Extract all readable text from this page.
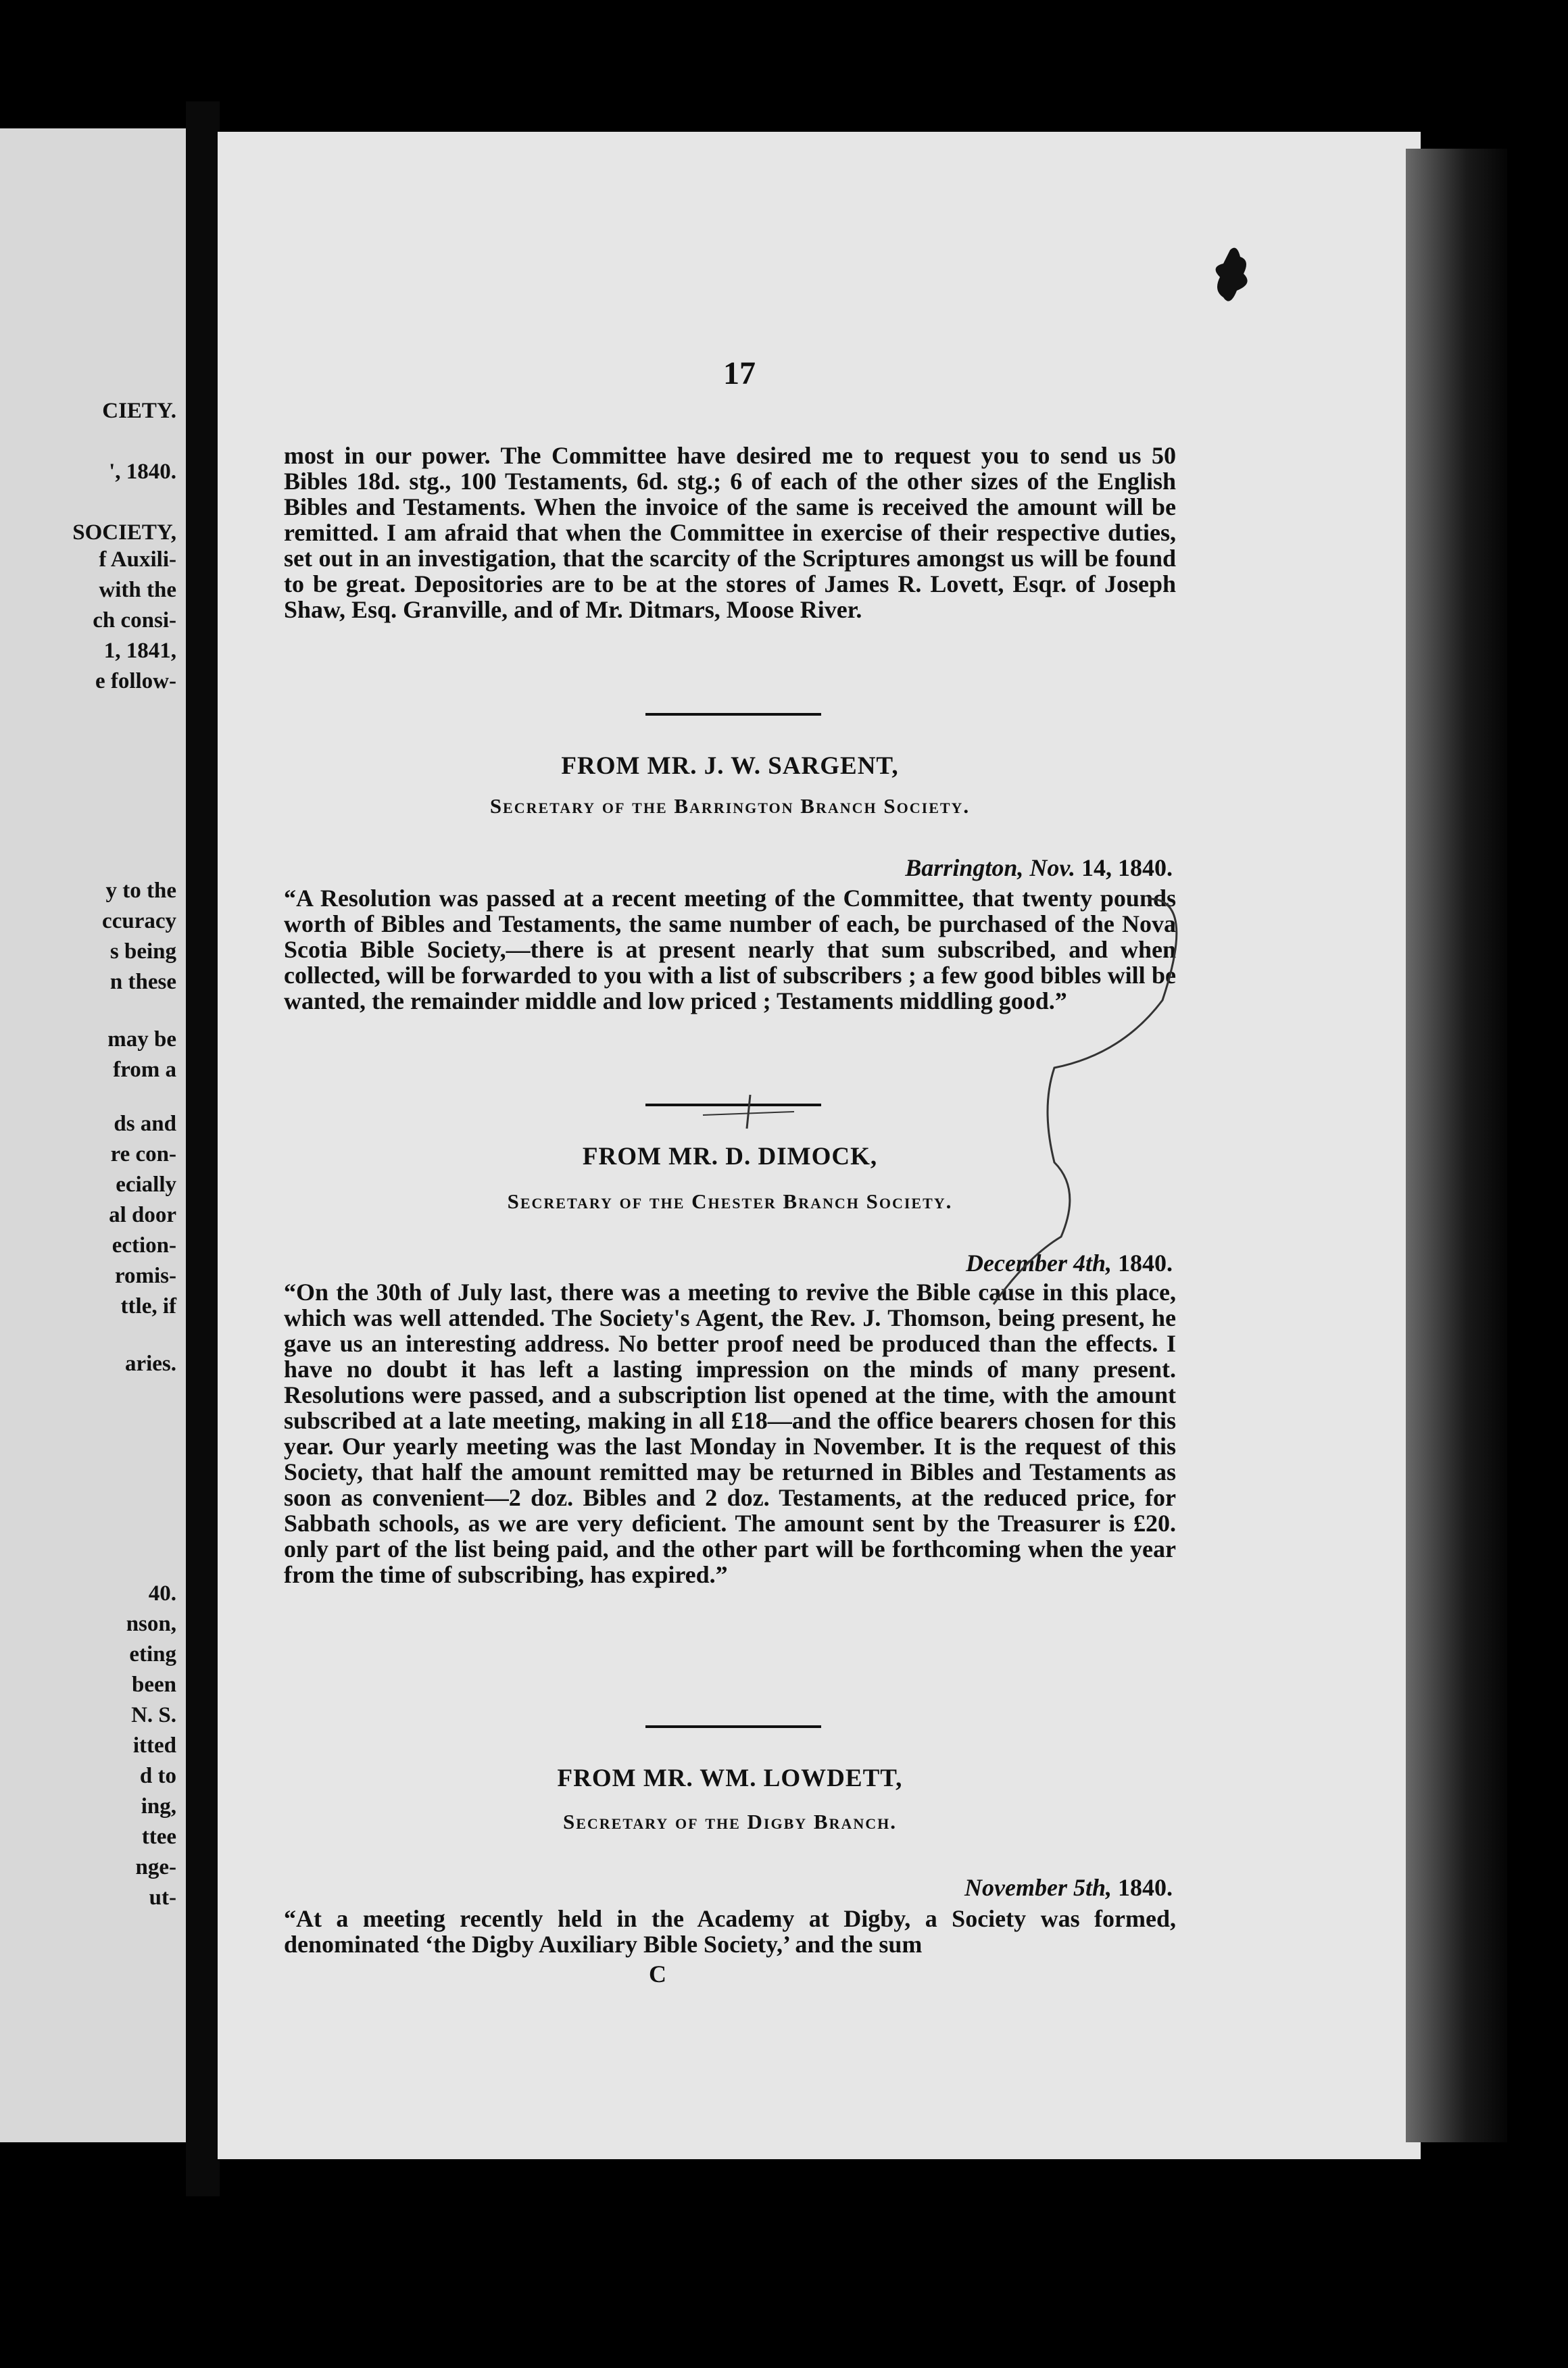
CIETY.
', 1840.
SOCIETY,
f Auxili-
with the
ch consi-
1, 1841,
e follow-
y to the
ccuracy
s being
n these
may be
from a
ds and
re con-
ecially
al door
ection-
romis-
ttle, if
aries.
40.
nson,
eting
been
N. S.
itted
d to
ing,
ttee
nge-
ut-
17
most in our power. The Committee have desired me to request you to send us 50 Bibles 18d. stg., 100 Testaments, 6d. stg.; 6 of each of the other sizes of the English Bibles and Testaments. When the invoice of the same is received the amount will be remitted. I am afraid that when the Committee in exercise of their respective duties, set out in an investigation, that the scarcity of the Scriptures amongst us will be found to be great. Depositories are to be at the stores of James R. Lovett, Esqr. of Joseph Shaw, Esq. Granville, and of Mr. Ditmars, Moose River.
FROM MR. J. W. SARGENT,
Secretary of the Barrington Branch Society.
Barrington, Nov. 14, 1840.
“A Resolution was passed at a recent meeting of the Committee, that twenty pounds worth of Bibles and Testaments, the same number of each, be purchased of the Nova Scotia Bible Society,—there is at present nearly that sum subscribed, and when collected, will be forwarded to you with a list of subscribers ; a few good bibles will be wanted, the remainder middle and low priced ; Testaments middling good.”
FROM MR. D. DIMOCK,
Secretary of the Chester Branch Society.
December 4th, 1840.
“On the 30th of July last, there was a meeting to revive the Bible cause in this place, which was well attended. The Society's Agent, the Rev. J. Thomson, being present, he gave us an interesting address. No better proof need be produced than the effects. I have no doubt it has left a lasting impression on the minds of many present. Resolutions were passed, and a subscription list opened at the time, with the amount subscribed at a late meeting, making in all £18—and the office bearers chosen for this year. Our yearly meeting was the last Monday in November. It is the request of this Society, that half the amount remitted may be returned in Bibles and Testaments as soon as convenient—2 doz. Bibles and 2 doz. Testaments, at the reduced price, for Sabbath schools, as we are very deficient. The amount sent by the Treasurer is £20. only part of the list being paid, and the other part will be forthcoming when the year from the time of subscribing, has expired.”
FROM MR. WM. LOWDETT,
Secretary of the Digby Branch.
November 5th, 1840.
“At a meeting recently held in the Academy at Digby, a Society was formed, denominated ‘the Digby Auxiliary Bible Society,’ and the sum
C
